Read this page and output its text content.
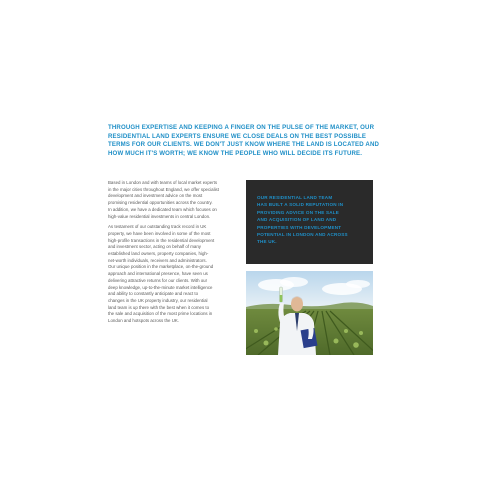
THROUGH EXPERTISE AND KEEPING A FINGER ON THE PULSE OF THE MARKET, OUR
RESIDENTIAL LAND EXPERTS ENSURE WE CLOSE DEALS ON THE BEST POSSIBLE
TERMS FOR OUR CLIENTS. WE DON'T JUST KNOW WHERE THE LAND IS LOCATED AND
HOW MUCH IT'S WORTH; WE KNOW THE PEOPLE WHO WILL DECIDE ITS FUTURE.

Based in London and with teams of local market experts
in the major cities throughout England, we offer specialist
development and investment advice on the most
promising residential opportunities across the country.
In addition, we have a dedicated team which focuses on
high-value residential investments in central London.

As testament of our outstanding track record in UK
property, we have been involved in some of the most
high-profile transactions in the residential development
and investment sector, acting on behalf of many
established land owners, property companies, high-
net-worth individuals, receivers and administrators.
Our unique position in the marketplace, on-the-ground
approach and international presence, have seen us
delivering attractive returns for our clients. With our
deep knowledge, up-to-the-minute market intelligence
and ability to constantly anticipate and react to
changes in the UK property industry, our residential
land team is up there with the best when it comes to
the sale and acquisition of the most prime locations in
London and hotspots across the UK.

OUR RESIDENTIAL LAND TEAM
HAS BUILT A SOLID REPUTATION IN
PROVIDING ADVICE ON THE SALE
AND ACQUISITION OF LAND AND
PROPERTIES WITH DEVELOPMENT
POTENTIAL IN LONDON AND ACROSS
THE UK.
